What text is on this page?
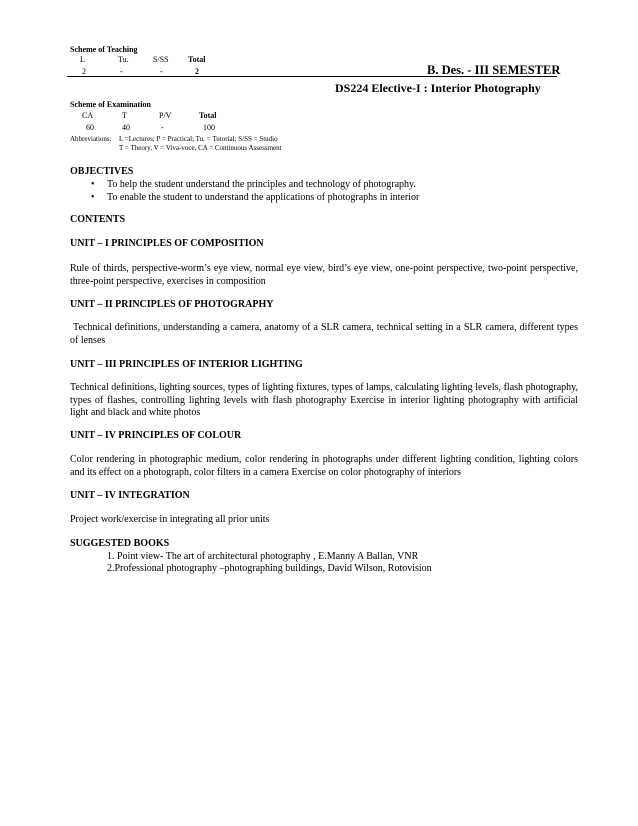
Scheme of Teaching
L	Tu.	S/SS Total
2	-	-	2	B. Des. - III SEMESTER
DS224 Elective-I : Interior Photography
Scheme of Examination
CA	T	P/V	Total
60	40	-	100
Abbreviations: L =Lectures; P = Practical; Tu. = Tutorial; S/SS = Studio
T = Theory, V = Viva-voce, CA = Continuous Assessment
OBJECTIVES
• To help the student understand the principles and technology of photography.
• To enable the student to understand the applications of photographs in interior
CONTENTS
UNIT – I PRINCIPLES OF COMPOSITION
Rule of thirds, perspective-worm’s eye view, normal eye view, bird’s eye view, one-point perspective, two-point perspective, three-point perspective, exercises in composition
UNIT – II PRINCIPLES OF PHOTOGRAPHY
Technical definitions, understanding a camera, anatomy of a SLR camera, technical setting in a SLR camera, different types of lenses
UNIT – III PRINCIPLES OF INTERIOR LIGHTING
Technical definitions, lighting sources, types of lighting fixtures, types of lamps, calculating lighting levels, flash photography, types of flashes, controlling lighting levels with flash photography Exercise in interior lighting photography with artificial light and black and white photos
UNIT – IV PRINCIPLES OF COLOUR
Color rendering in photographic medium, color rendering in photographs under different lighting condition, lighting colors and its effect on a photograph, color filters in a camera Exercise on color photography of interiors
UNIT – IV INTEGRATION
Project work/exercise in integrating all prior units
SUGGESTED BOOKS
1. Point view- The art of architectural photography , E.Manny A Ballan, VNR
2.Professional photography –photographing buildings, David Wilson, Rotovision
